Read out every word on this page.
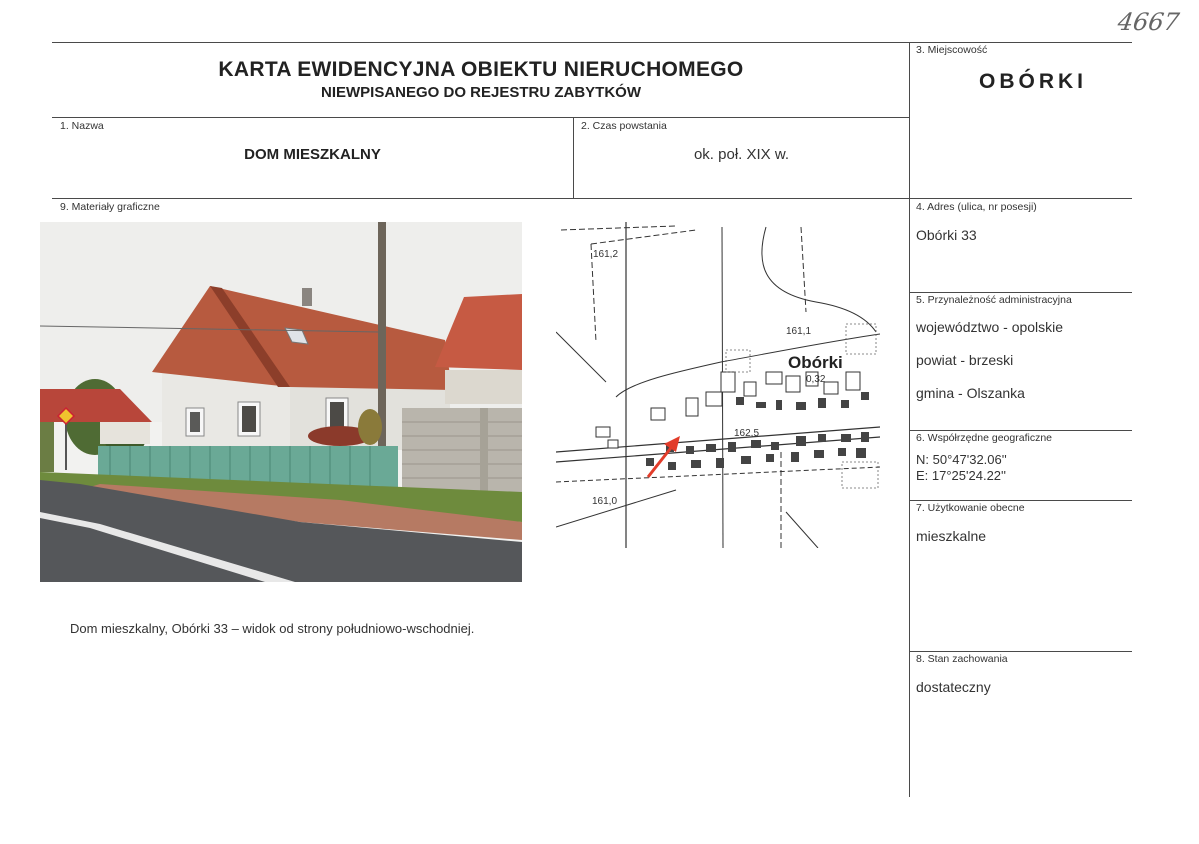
4667
KARTA EWIDENCYJNA OBIEKTU NIERUCHOMEGO
NIEWPISANEGO DO REJESTRU ZABYTKÓW
3. Miejscowość
OBÓRKI
1. Nazwa
DOM MIESZKALNY
2. Czas powstania
ok. poł. XIX w.
9. Materiały graficzne
161,2
161,1
Obórki
0,32
162,5
161,0
Dom mieszkalny, Obórki 33 – widok od strony południowo-wschodniej.
4. Adres (ulica, nr posesji)
Obórki 33
5. Przynależność administracyjna
województwo - opolskie
powiat - brzeski
gmina - Olszanka
6. Współrzędne geograficzne
N: 50°47'32.06''
E: 17°25'24.22''
7. Użytkowanie obecne
mieszkalne
8. Stan zachowania
dostateczny
